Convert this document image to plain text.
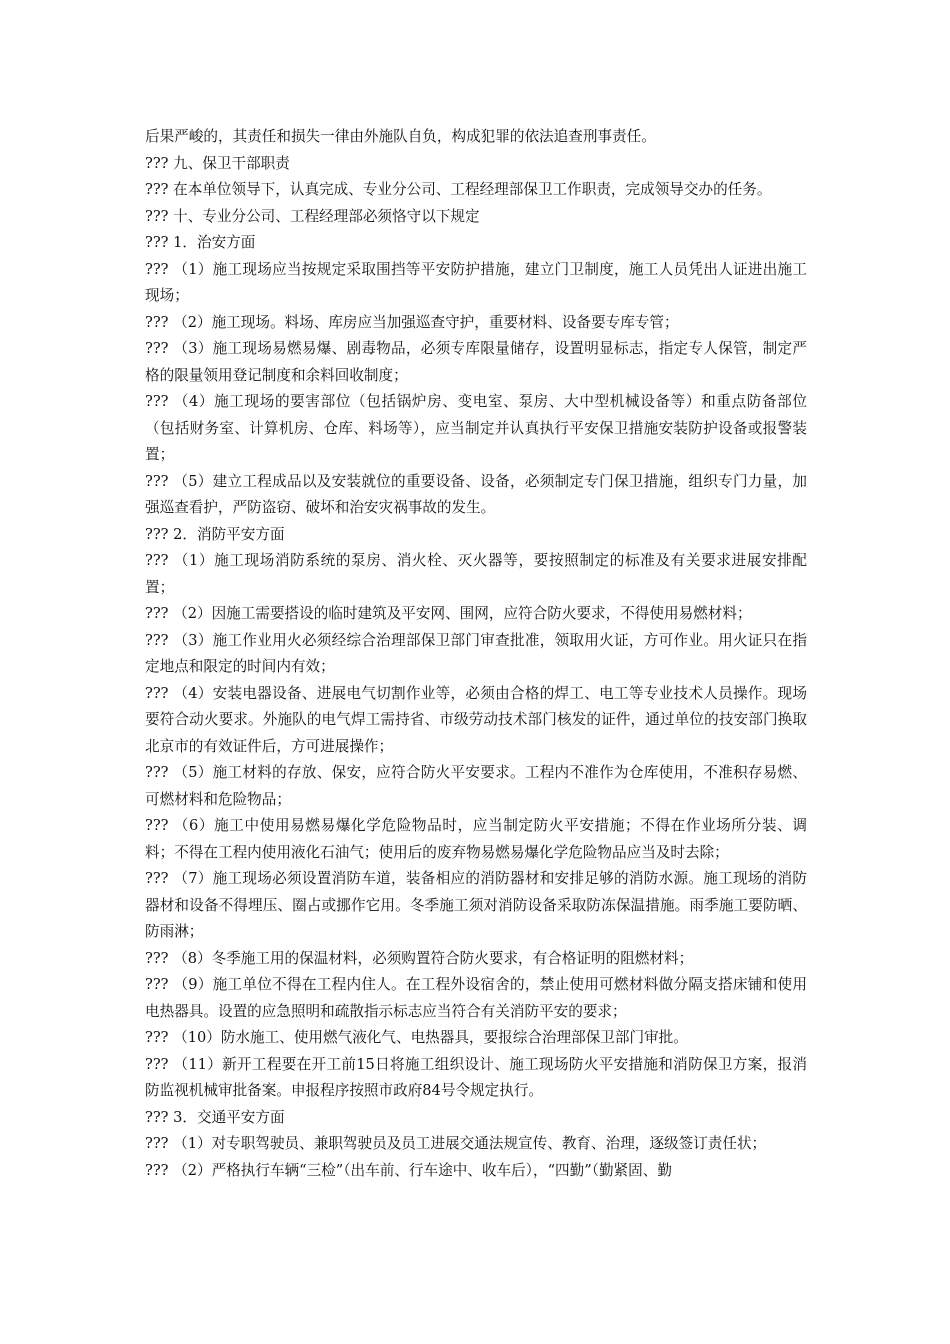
后果严峻的，其责任和损失一律由外施队自负，构成犯罪的依法追查刑事责任。

??? 九、保卫干部职责

??? 在本单位领导下，认真完成、专业分公司、工程经理部保卫工作职责，完成领导交办的任务。

??? 十、专业分公司、工程经理部必须恪守以下规定

??? 1．治安方面

??? （1）施工现场应当按规定采取围挡等平安防护措施，建立门卫制度，施工人员凭出人证进出施工现场；

??? （2）施工现场。料场、库房应当加强巡查守护，重要材料、设备要专库专管；

??? （3）施工现场易燃易爆、剧毒物品，必须专库限量储存，设置明显标志，指定专人保管，制定严格的限量领用登记制度和余料回收制度；

??? （4）施工现场的要害部位（包括锅炉房、变电室、泵房、大中型机械设备等）和重点防备部位（包括财务室、计算机房、仓库、料场等），应当制定并认真执行平安保卫措施安装防护设备或报警装置；

??? （5）建立工程成品以及安装就位的重要设备、设备，必须制定专门保卫措施，组织专门力量，加强巡查看护，严防盗窃、破坏和治安灾祸事故的发生。

??? 2．消防平安方面

??? （1）施工现场消防系统的泵房、消火栓、灭火器等，要按照制定的标准及有关要求进展安排配置；

??? （2）因施工需要搭设的临时建筑及平安网、围网，应符合防火要求，不得使用易燃材料；

??? （3）施工作业用火必须经综合治理部保卫部门审查批准，领取用火证，方可作业。用火证只在指定地点和限定的时间内有效；

??? （4）安装电器设备、进展电气切割作业等，必须由合格的焊工、电工等专业技术人员操作。现场要符合动火要求。外施队的电气焊工需持省、市级劳动技术部门核发的证件，通过单位的技安部门换取北京市的有效证件后，方可进展操作；

??? （5）施工材料的存放、保安，应符合防火平安要求。工程内不准作为仓库使用，不准积存易燃、可燃材料和危险物品；

??? （6）施工中使用易燃易爆化学危险物品时，应当制定防火平安措施；不得在作业场所分装、调料；不得在工程内使用液化石油气；使用后的废弃物易燃易爆化学危险物品应当及时去除；

??? （7）施工现场必须设置消防车道，装备相应的消防器材和安排足够的消防水源。施工现场的消防器材和设备不得埋压、圈占或挪作它用。冬季施工须对消防设备采取防冻保温措施。雨季施工要防晒、防雨淋；

??? （8）冬季施工用的保温材料，必须购置符合防火要求，有合格证明的阻燃材料；

??? （9）施工单位不得在工程内住人。在工程外设宿舍的，禁止使用可燃材料做分隔支搭床铺和使用电热器具。设置的应急照明和疏散指示标志应当符合有关消防平安的要求；

??? （10）防水施工、使用燃气液化气、电热器具，要报综合治理部保卫部门审批。

??? （11）新开工程要在开工前15日将施工组织设计、施工现场防火平安措施和消防保卫方案，报消防监视机械审批备案。申报程序按照市政府84号令规定执行。

??? 3．交通平安方面

??? （1）对专职驾驶员、兼职驾驶员及员工进展交通法规宣传、教育、治理，逐级签订责任状；

??? （2）严格执行车辆“三检”（出车前、行车途中、收车后），“四勤”（勤紧固、勤
